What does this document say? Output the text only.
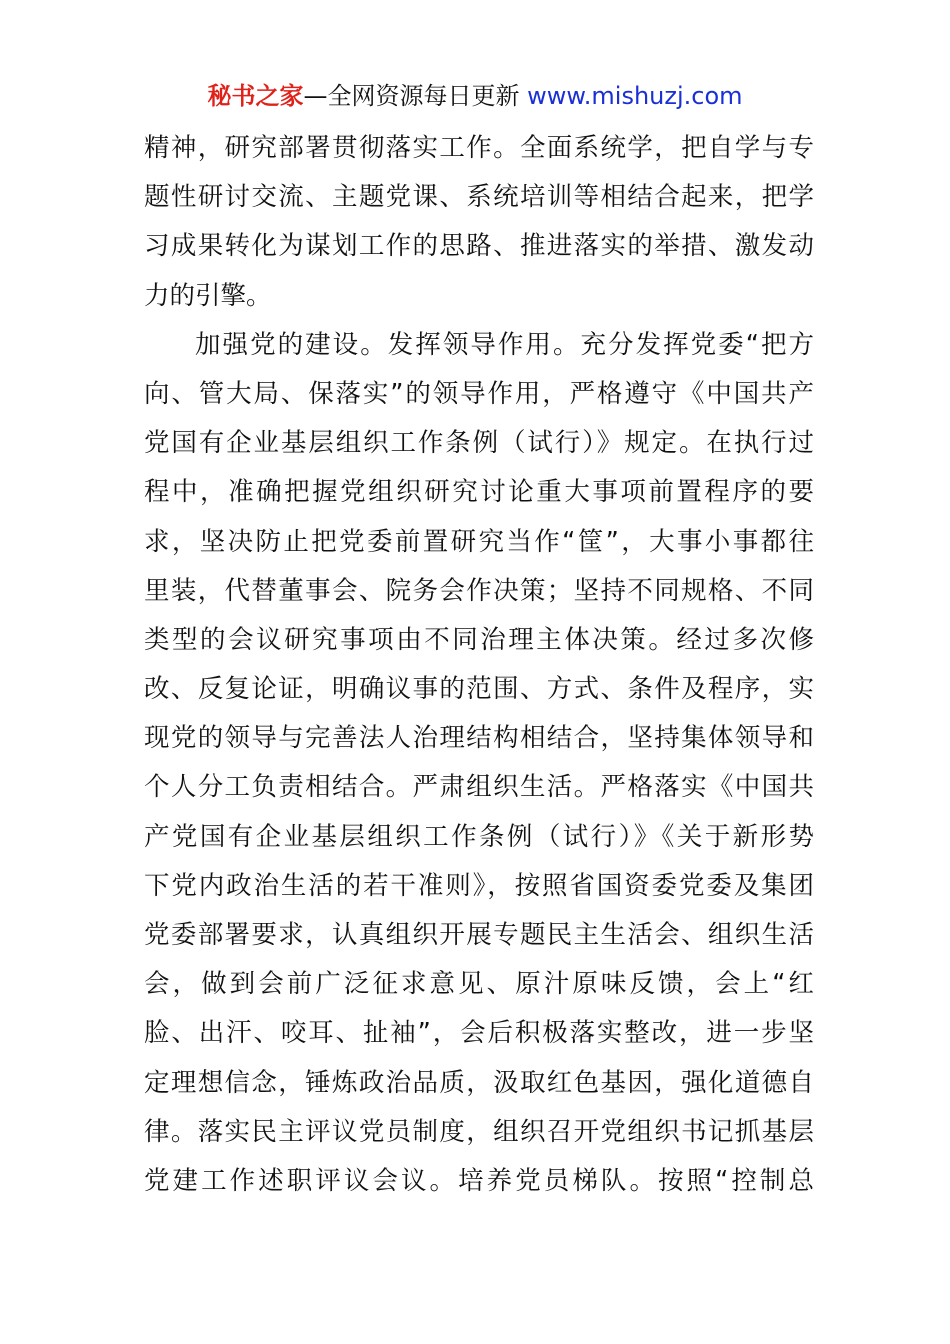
秘书之家—全网资源每日更新 www.mishuzj.com
精神，研究部署贯彻落实工作。全面系统学，把自学与专
题性研讨交流、主题党课、系统培训等相结合起来，把学
习成果转化为谋划工作的思路、推进落实的举措、激发动
力的引擎。
加强党的建设。发挥领导作用。充分发挥党委“把方
向、管大局、保落实”的领导作用，严格遵守《中国共产
党国有企业基层组织工作条例（试行）》规定。在执行过
程中，准确把握党组织研究讨论重大事项前置程序的要
求，坚决防止把党委前置研究当作“筐”，大事小事都往
里装，代替董事会、院务会作决策；坚持不同规格、不同
类型的会议研究事项由不同治理主体决策。经过多次修
改、反复论证，明确议事的范围、方式、条件及程序，实
现党的领导与完善法人治理结构相结合，坚持集体领导和
个人分工负责相结合。严肃组织生活。严格落实《中国共
产党国有企业基层组织工作条例（试行）》《关于新形势
下党内政治生活的若干准则》，按照省国资委党委及集团
党委部署要求，认真组织开展专题民主生活会、组织生活
会，做到会前广泛征求意见、原汁原味反馈，会上“红
脸、出汗、咬耳、扯袖”，会后积极落实整改，进一步坚
定理想信念，锤炼政治品质，汲取红色基因，强化道德自
律。落实民主评议党员制度，组织召开党组织书记抓基层
党建工作述职评议会议。培养党员梯队。按照“控制总
